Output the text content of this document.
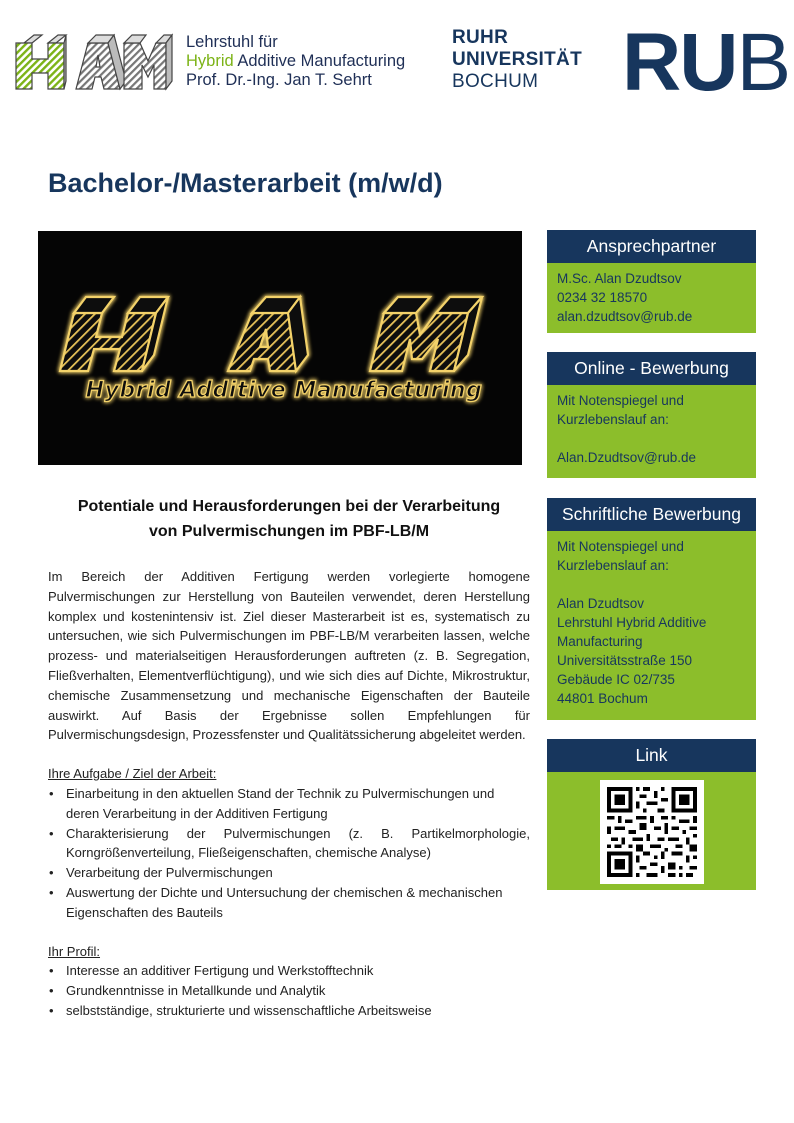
Lehrstuhl für
Hybrid Additive Manufacturing
Prof. Dr.-Ing. Jan T. Sehrt
RUHR
UNIVERSITÄT
BOCHUM	RUB
Bachelor-/Masterarbeit (m/w/d)
Hybrid Additive Manufacturing
Potentiale und Herausforderungen bei der Verarbeitung
von Pulvermischungen im PBF-LB/M

Im Bereich der Additiven Fertigung werden vorlegierte homogene Pulvermischungen zur Herstellung von Bauteilen verwendet, deren Herstellung komplex und kostenintensiv ist. Ziel dieser Masterarbeit ist es, systematisch zu untersuchen, wie sich Pulvermischungen im PBF-LB/M verarbeiten lassen, welche prozess- und materialseitigen Herausforderungen auftreten (z. B. Segregation, Fließverhalten, Elementverflüchtigung), und wie sich dies auf Dichte, Mikrostruktur, chemische Zusammensetzung und mechanische Eigenschaften der Bauteile auswirkt. Auf Basis der Ergebnisse sollen Empfehlungen für Pulvermischungsdesign, Prozessfenster und Qualitätssicherung abgeleitet werden.

Ihre Aufgabe / Ziel der Arbeit:
• Einarbeitung in den aktuellen Stand der Technik zu Pulvermischungen und deren Verarbeitung in der Additiven Fertigung
• Charakterisierung der Pulvermischungen (z. B. Partikelmorphologie, Korngrößenverteilung, Fließeigenschaften, chemische Analyse)
• Verarbeitung der Pulvermischungen
• Auswertung der Dichte und Untersuchung der chemischen & mechanischen Eigenschaften des Bauteils
Ihr Profil:
• Interesse an additiver Fertigung und Werkstofftechnik
• Grundkenntnisse in Metallkunde und Analytik
• selbstständige, strukturierte und wissenschaftliche Arbeitsweise
Ansprechpartner
M.Sc. Alan Dzudtsov
0234 32 18570
alan.dzudtsov@rub.de
Online - Bewerbung
Mit Notenspiegel und
Kurzlebenslauf an:
Alan.Dzudtsov@rub.de
Schriftliche Bewerbung
Mit Notenspiegel und
Kurzlebenslauf an:
Alan Dzudtsov
Lehrstuhl Hybrid Additive
Manufacturing
Universitätsstraße 150
Gebäude IC 02/735
44801 Bochum
Link
